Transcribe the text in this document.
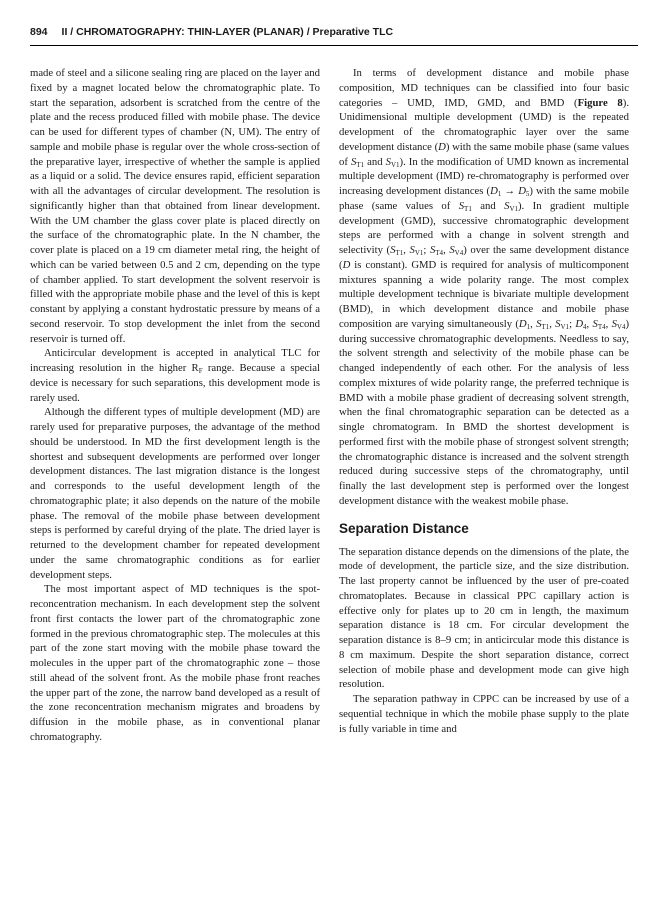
894 II / CHROMATOGRAPHY: THIN-LAYER (PLANAR) / Preparative TLC

made of steel and a silicone sealing ring are placed on the layer and fixed by a magnet located below the chromatographic plate. To start the separation, adsorbent is scratched from the centre of the plate and the recess produced filled with mobile phase. The device can be used for different types of chamber (N, UM). The entry of sample and mobile phase is regular over the whole cross-section of the preparative layer, irrespective of whether the sample is applied as a liquid or a solid. The device ensures rapid, efficient separation with all the advantages of circular development. The resolution is significantly higher than that obtained from linear development. With the UM chamber the glass cover plate is placed directly on the surface of the chromatographic plate. In the N chamber, the cover plate is placed on a 19 cm diameter metal ring, the height of which can be varied between 0.5 and 2 cm, depending on the type of chamber applied. To start development the solvent reservoir is filled with the appropriate mobile phase and the level of this is kept constant by applying a constant hydrostatic pressure by means of a second reservoir. To stop development the inlet from the second reservoir is turned off.

Anticircular development is accepted in analytical TLC for increasing resolution in the higher $R_F$ range. Because a special device is necessary for such separations, this development mode is rarely used.

Although the different types of multiple development (MD) are rarely used for preparative purposes, the advantage of the method should be understood. In MD the first development length is the shortest and subsequent developments are performed over longer development distances. The last migration distance is the longest and corresponds to the useful development length of the chromatographic plate; it also depends on the nature of the mobile phase. The removal of the mobile phase between development steps is performed by careful drying of the plate. The dried layer is returned to the development chamber for repeated development under the same chromatographic conditions as for earlier development steps.

The most important aspect of MD techniques is the spot-reconcentration mechanism. In each development step the solvent front first contacts the lower part of the chromatographic zone formed in the previous chromatographic step. The molecules at this part of the zone start moving with the mobile phase toward the molecules in the upper part of the chromatographic zone – those still ahead of the solvent front. As the mobile phase front reaches the upper part of the zone, the narrow band developed as a result of the zone reconcentration mechanism migrates and broadens by diffusion in the mobile phase, as in conventional planar chromatography.

In terms of development distance and mobile phase composition, MD techniques can be classified into four basic categories – UMD, IMD, GMD, and BMD (Figure 8). Unidimensional multiple development (UMD) is the repeated development of the chromatographic layer over the same development distance (D) with the same mobile phase (same values of $S_{T1}$ and $S_{V1}$). In the modification of UMD known as incremental multiple development (IMD) re-chromatography is performed over increasing development distances $(D_1 \to D_5)$ with the same mobile phase (same values of $S_{T1}$ and $S_{V1}$). In gradient multiple development (GMD), successive chromatographic development steps are performed with a change in solvent strength and selectivity ($S_{T1}$, $S_{V1}$; $S_{T4}$, $S_{V4}$) over the same development distance (D is constant). GMD is required for analysis of multicomponent mixtures spanning a wide polarity range. The most complex multiple development technique is bivariate multiple development (BMD), in which development distance and mobile phase composition are varying simultaneously ($D_1$, $S_{T1}$, $S_{V1}$; $D_4$, $S_{T4}$, $S_{V4}$) during successive chromatographic developments. Needless to say, the solvent strength and selectivity of the mobile phase can be changed independently of each other. For the analysis of less complex mixtures of wide polarity range, the preferred technique is BMD with a mobile phase gradient of decreasing solvent strength, when the final chromatographic separation can be detected as a single chromatogram. In BMD the shortest development is performed first with the mobile phase of strongest solvent strength; the chromatographic distance is increased and the solvent strength reduced during successive steps of the chromatography, until finally the last development step is performed over the longest development distance with the weakest mobile phase.

Separation Distance

The separation distance depends on the dimensions of the plate, the mode of development, the particle size, and the size distribution. The last property cannot be influenced by the user of pre-coated chromatoplates. Because in classical PPC capillary action is effective only for plates up to 20 cm in length, the maximum separation distance is 18 cm. For circular development the separation distance is 8–9 cm; in anticircular mode this distance is 8 cm maximum. Despite the short separation distance, correct selection of mobile phase and development mode can give high resolution.

The separation pathway in CPPC can be increased by use of a sequential technique in which the mobile phase supply to the plate is fully variable in time and
